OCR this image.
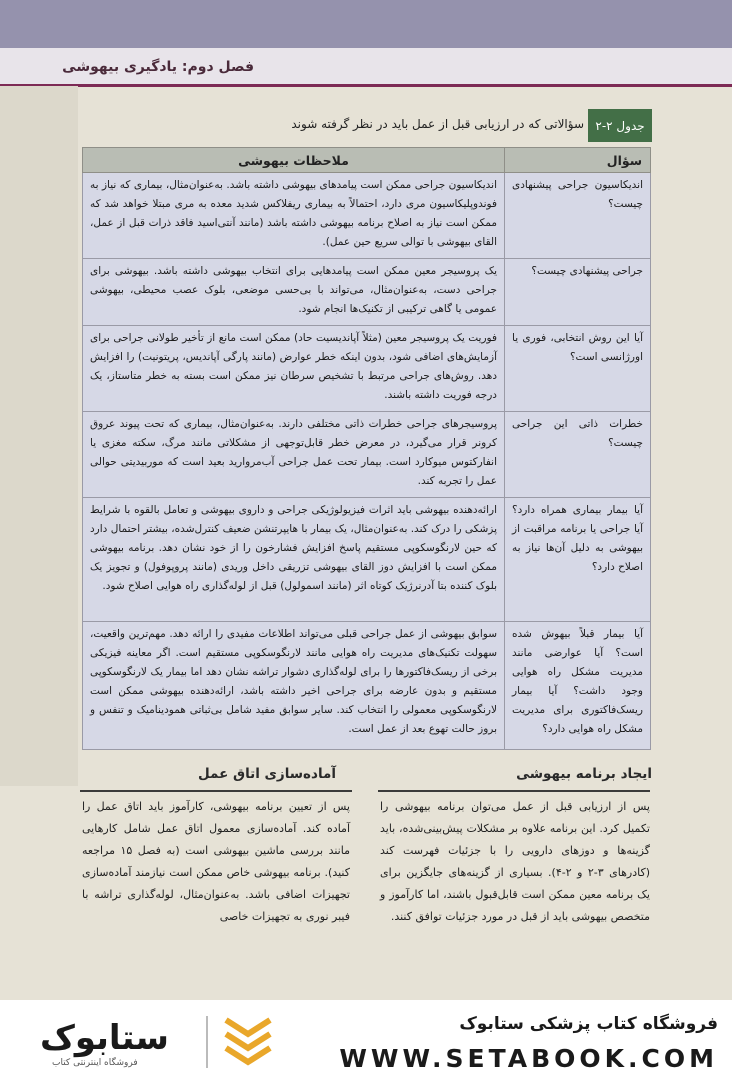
فصل دوم: یادگیری بیهوشی
جدول ۲-۲
سؤالاتی که در ارزیابی قبل از عمل باید در نظر گرفته شوند
سؤال	ملاحظات بیهوشی
اندیکاسیون جراحی پیشنهادی چیست؟	اندیکاسیون جراحی ممکن است پیامدهای بیهوشی داشته باشد. به‌عنوان‌مثال، بیماری که نیاز به فوندوپلیکاسیون مری دارد، احتمالاً به بیماری ریفلاکس شدید معده به مری مبتلا خواهد شد که ممکن است نیاز به اصلاح برنامه بیهوشی داشته باشد (مانند آنتی‌اسید فاقد ذرات قبل از عمل، القای بیهوشی با توالی سریع حین عمل).
جراحی پیشنهادی چیست؟	یک پروسیجر معین ممکن است پیامدهایی برای انتخاب بیهوشی داشته باشد. بیهوشی برای جراحی دست، به‌عنوان‌مثال، می‌تواند با بی‌حسی موضعی، بلوک عصب محیطی، بیهوشی عمومی یا گاهی ترکیبی از تکنیک‌ها انجام شود.
آیا این روش انتخابی، فوری یا اورژانسی است؟	فوریت یک پروسیجر معین (مثلاً آپاندیسیت حاد) ممکن است مانع از تأخیر طولانی جراحی برای آزمایش‌های اضافی شود، بدون اینکه خطر عوارض (مانند پارگی آپاندیس، پریتونیت) را افزایش دهد. روش‌های جراحی مرتبط با تشخیص سرطان نیز ممکن است بسته به خطر متاستاز، یک درجه فوریت داشته باشند.
خطرات ذاتی این جراحی چیست؟	پروسیجرهای جراحی خطرات ذاتی مختلفی دارند. به‌عنوان‌مثال، بیماری که تحت پیوند عروق کرونر قرار می‌گیرد، در معرض خطر قابل‌توجهی از مشکلاتی مانند مرگ، سکته مغزی یا انفارکتوس میوکارد است. بیمار تحت عمل جراحی آب‌مروارید بعید است که موربیدیتی حوالی عمل را تجربه کند.
آیا بیمار بیماری همراه دارد؟ آیا جراحی یا برنامه مراقبت از بیهوشی به دلیل آن‌ها نیاز به اصلاح دارد؟	ارائه‌دهنده بیهوشی باید اثرات فیزیولوژیکی جراحی و داروی بیهوشی و تعامل بالقوه با شرایط پزشکی را درک کند. به‌عنوان‌مثال، یک بیمار با هایپرتنشن ضعیف کنترل‌شده، بیشتر احتمال دارد که حین لارنگوسکوپی مستقیم پاسخ افزایش فشارخون را از خود نشان دهد. برنامه بیهوشی ممکن است با افزایش دوز القای بیهوشی تزریقی داخل وریدی (مانند پروپوفول) و تجویز یک بلوک کننده بتا آدرنرژیک کوتاه اثر (مانند اسمولول) قبل از لوله‌گذاری راه هوایی اصلاح شود.
آیا بیمار قبلاً بیهوش شده است؟ آیا عوارضی مانند مدیریت مشکل راه هوایی وجود داشت؟ آیا بیمار ریسک‌فاکتوری برای مدیریت مشکل راه هوایی دارد؟	سوابق بیهوشی از عمل جراحی قبلی می‌تواند اطلاعات مفیدی را ارائه دهد. مهم‌ترین واقعیت، سهولت تکنیک‌های مدیریت راه هوایی مانند لارنگوسکوپی مستقیم است. اگر معاینه فیزیکی برخی از ریسک‌فاکتورها را برای لوله‌گذاری دشوار تراشه نشان دهد اما بیمار یک لارنگوسکوپی مستقیم و بدون عارضه برای جراحی اخیر داشته باشد، ارائه‌دهنده بیهوشی ممکن است لارنگوسکوپی معمولی را انتخاب کند. سایر سوابق مفید شامل بی‌ثباتی همودینامیک و تنفس و بروز حالت تهوع بعد از عمل است.
ایجاد برنامه بیهوشی
پس از ارزیابی قبل از عمل می‌توان برنامه بیهوشی را تکمیل کرد. این برنامه علاوه بر مشکلات پیش‌بینی‌شده، باید گزینه‌ها و دوزهای دارویی را با جزئیات فهرست کند (کادرهای ۳-۲ و ۲-۴). بسیاری از گزینه‌های جایگزین برای یک برنامه معین ممکن است قابل‌قبول باشند، اما کارآموز و متخصص بیهوشی باید از قبل در مورد جزئیات توافق کنند.
آماده‌سازی اتاق عمل
پس از تعیین برنامه بیهوشی، کارآموز باید اتاق عمل را آماده کند. آماده‌سازی معمول اتاق عمل شامل کارهایی مانند بررسی ماشین بیهوشی است (به فصل ۱۵ مراجعه کنید). برنامه بیهوشی خاص ممکن است نیازمند آماده‌سازی تجهیزات اضافی باشد. به‌عنوان‌مثال، لوله‌گذاری تراشه با فیبر نوری به تجهیزات خاصی
ستابوک
فروشگاه اینترنتی کتاب
فروشگاه کتاب پزشکی ستابوک
WWW.SETABOOK.COM
